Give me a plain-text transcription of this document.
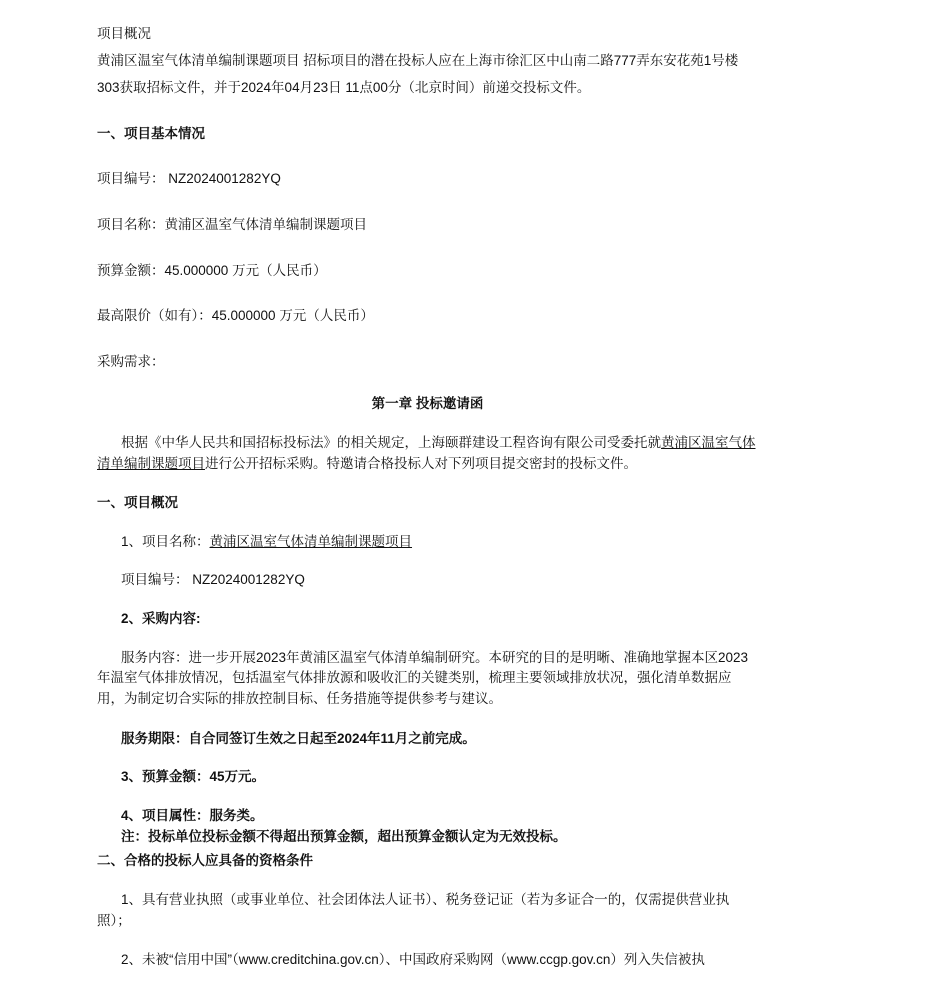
项目概况
黄浦区温室气体清单编制课题项目 招标项目的潜在投标人应在上海市徐汇区中山南二路777弄东安花苑1号楼
303获取招标文件，并于2024年04月23日 11点00分（北京时间）前递交投标文件。
一、项目基本情况
项目编号： NZ2024001282YQ
项目名称：黄浦区温室气体清单编制课题项目
预算金额：45.000000 万元（人民币）
最高限价（如有）：45.000000 万元（人民币）
采购需求：
第一章 投标邀请函
根据《中华人民共和国招标投标法》的相关规定，上海颐群建设工程咨询有限公司受委托就黄浦区温室气体
清单编制课题项目进行公开招标采购。特邀请合格投标人对下列项目提交密封的投标文件。
一、项目概况
1、项目名称：黄浦区温室气体清单编制课题项目
项目编号： NZ2024001282YQ
2、采购内容:
服务内容：进一步开展2023年黄浦区温室气体清单编制研究。本研究的目的是明晰、准确地掌握本区2023
年温室气体排放情况，包括温室气体排放源和吸收汇的关键类别，梳理主要领域排放状况，强化清单数据应
用，为制定切合实际的排放控制目标、任务措施等提供参考与建议。
服务期限：自合同签订生效之日起至2024年11月之前完成。
3、预算金额：45万元。
4、项目属性：服务类。
注：投标单位投标金额不得超出预算金额，超出预算金额认定为无效投标。
二、合格的投标人应具备的资格条件
1、具有营业执照（或事业单位、社会团体法人证书）、税务登记证（若为多证合一的，仅需提供营业执
照）；
2、未被“信用中国”（www.creditchina.gov.cn）、中国政府采购网（www.ccgp.gov.cn）列入失信被执
